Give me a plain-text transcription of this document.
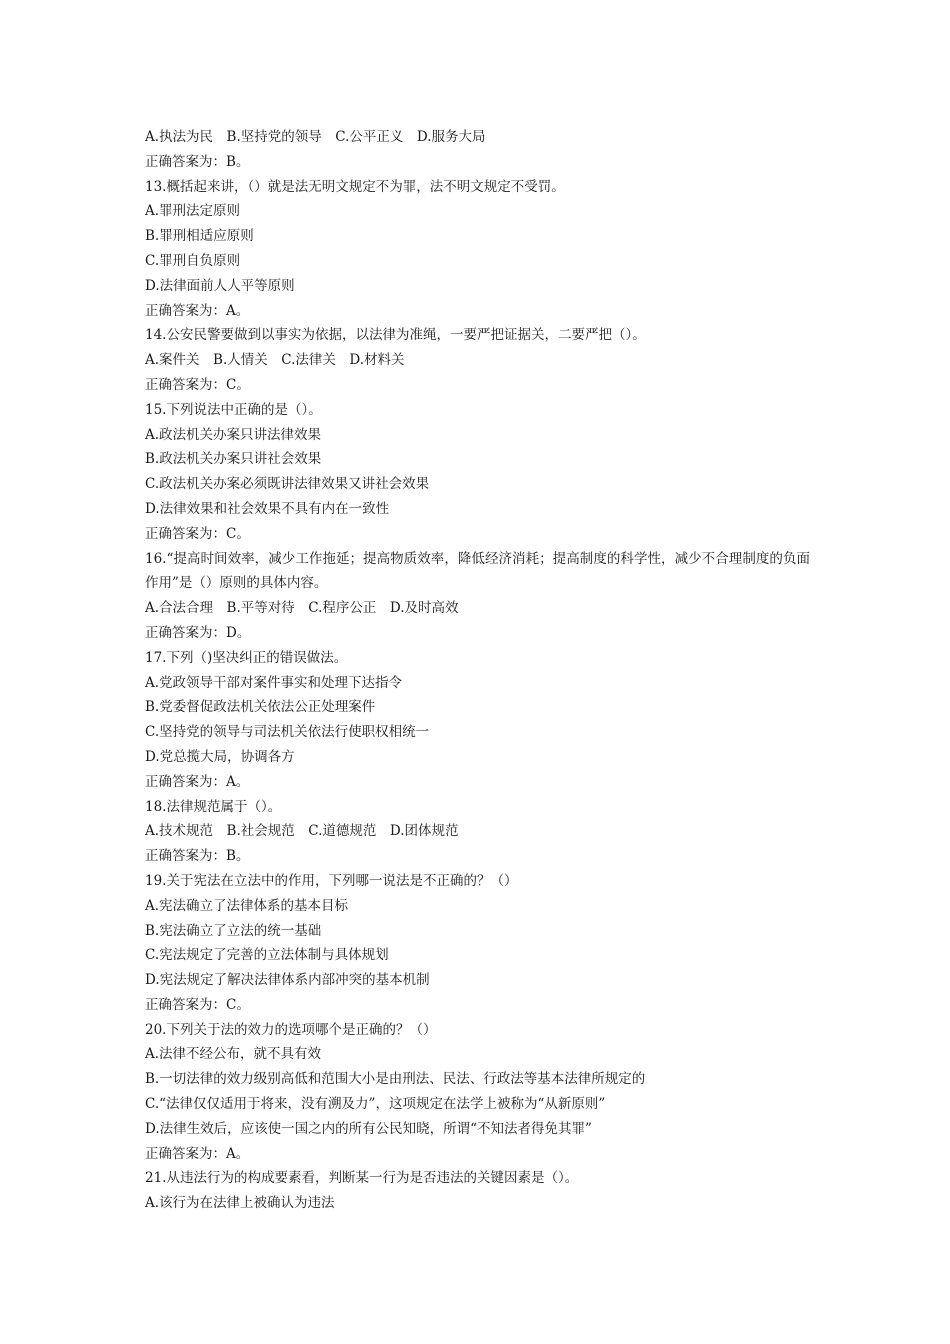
A.执法为民　B.坚持党的领导　C.公平正义　D.服务大局
正确答案为：B。
13.概括起来讲，（）就是法无明文规定不为罪，法不明文规定不受罚。
A.罪刑法定原则
B.罪刑相适应原则
C.罪刑自负原则
D.法律面前人人平等原则
正确答案为：A。
14.公安民警要做到以事实为依据，以法律为准绳，一要严把证据关，二要严把（）。
A.案件关　B.人情关　C.法律关　D.材料关
正确答案为：C。
15.下列说法中正确的是（）。
A.政法机关办案只讲法律效果
B.政法机关办案只讲社会效果
C.政法机关办案必须既讲法律效果又讲社会效果
D.法律效果和社会效果不具有内在一致性
正确答案为：C。
16.“提高时间效率，减少工作拖延；提高物质效率，降低经济消耗；提高制度的科学性，减少不合理制度的负面作用”是（）原则的具体内容。
A.合法合理　B.平等对待　C.程序公正　D.及时高效
正确答案为：D。
17.下列（)坚决纠正的错误做法。
A.党政领导干部对案件事实和处理下达指令
B.党委督促政法机关依法公正处理案件
C.坚持党的领导与司法机关依法行使职权相统一
D.党总揽大局，协调各方
正确答案为：A。
18.法律规范属于（）。
A.技术规范　B.社会规范　C.道德规范　D.团体规范
正确答案为：B。
19.关于宪法在立法中的作用，下列哪一说法是不正确的？（）
A.宪法确立了法律体系的基本目标
B.宪法确立了立法的统一基础
C.宪法规定了完善的立法体制与具体规划
D.宪法规定了解决法律体系内部冲突的基本机制
正确答案为：C。
20.下列关于法的效力的选项哪个是正确的？（）
A.法律不经公布，就不具有效
B.一切法律的效力级别高低和范围大小是由刑法、民法、行政法等基本法律所规定的
C.“法律仅仅适用于将来，没有溯及力”，这项规定在法学上被称为“从新原则”
D.法律生效后，应该使一国之内的所有公民知晓，所谓“不知法者得免其罪”
正确答案为：A。
21.从违法行为的构成要素看，判断某一行为是否违法的关键因素是（）。
A.该行为在法律上被确认为违法
